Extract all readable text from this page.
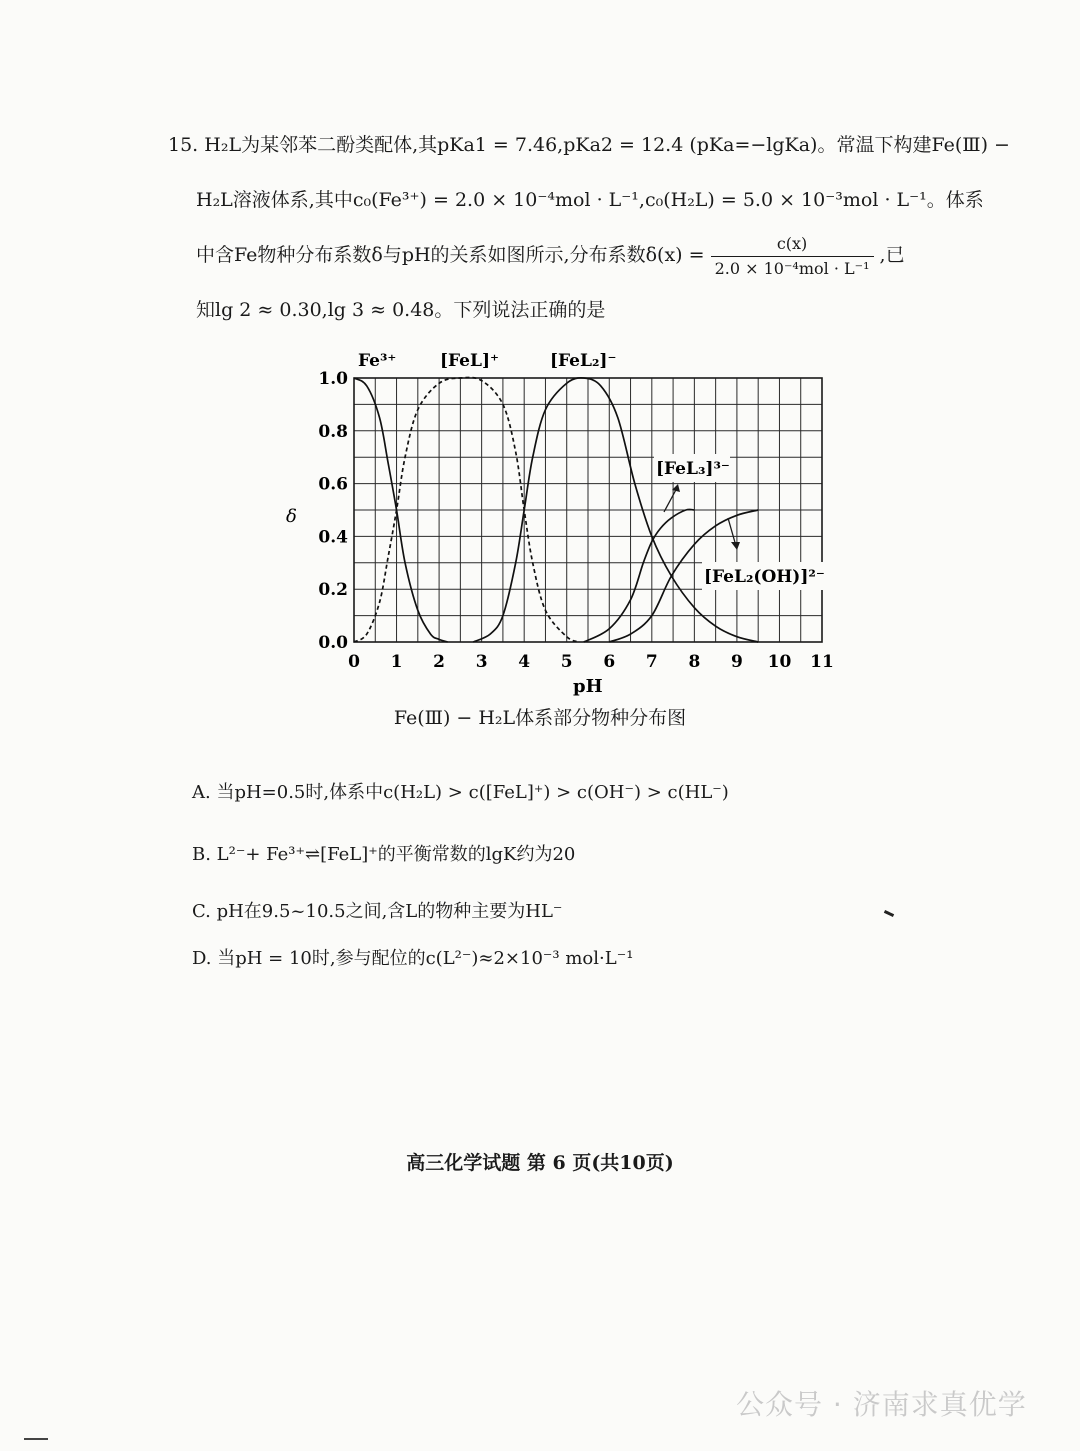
15. H₂L为某邻苯二酚类配体,其pKa1 = 7.46,pKa2 = 12.4 (pKa=−lgKa)。常温下构建Fe(Ⅲ) −
H₂L溶液体系,其中c₀(Fe³⁺) = 2.0 × 10⁻⁴mol · L⁻¹,c₀(H₂L) = 5.0 × 10⁻³mol · L⁻¹。体系
中含Fe物种分布系数δ与pH的关系如图所示,分布系数$\delta(x) = \frac{c(x)}{\text{2.0 × 10⁻⁴mol · L⁻¹}}$ ,已
知lg 2 ≈ 0.30,lg 3 ≈ 0.48。下列说法正确的是
0 1 2 3 4 5 6 7 8 9 10 11
0.0
0.2
0.4
0.6
0.8
1.0
Fe³⁺	[FeL]⁺	[FeL₂]⁻
[FeL₃]³⁻
[FeL₂(OH)]²⁻
δ
pH
Fe(Ⅲ) − H₂L体系部分物种分布图
A. 当pH=0.5时,体系中c(H₂L) > c([FeL]⁺) > c(OH⁻) > c(HL⁻)
B. L²⁻+ Fe³⁺⇌[FeL]⁺的平衡常数的lgK约为20
C. pH在9.5~10.5之间,含L的物种主要为HL⁻
D. 当pH = 10时,参与配位的c(L²⁻)≈2×10⁻³ mol·L⁻¹
高三化学试题 第 6 页(共10页)
公众号 · 济南求真优学
